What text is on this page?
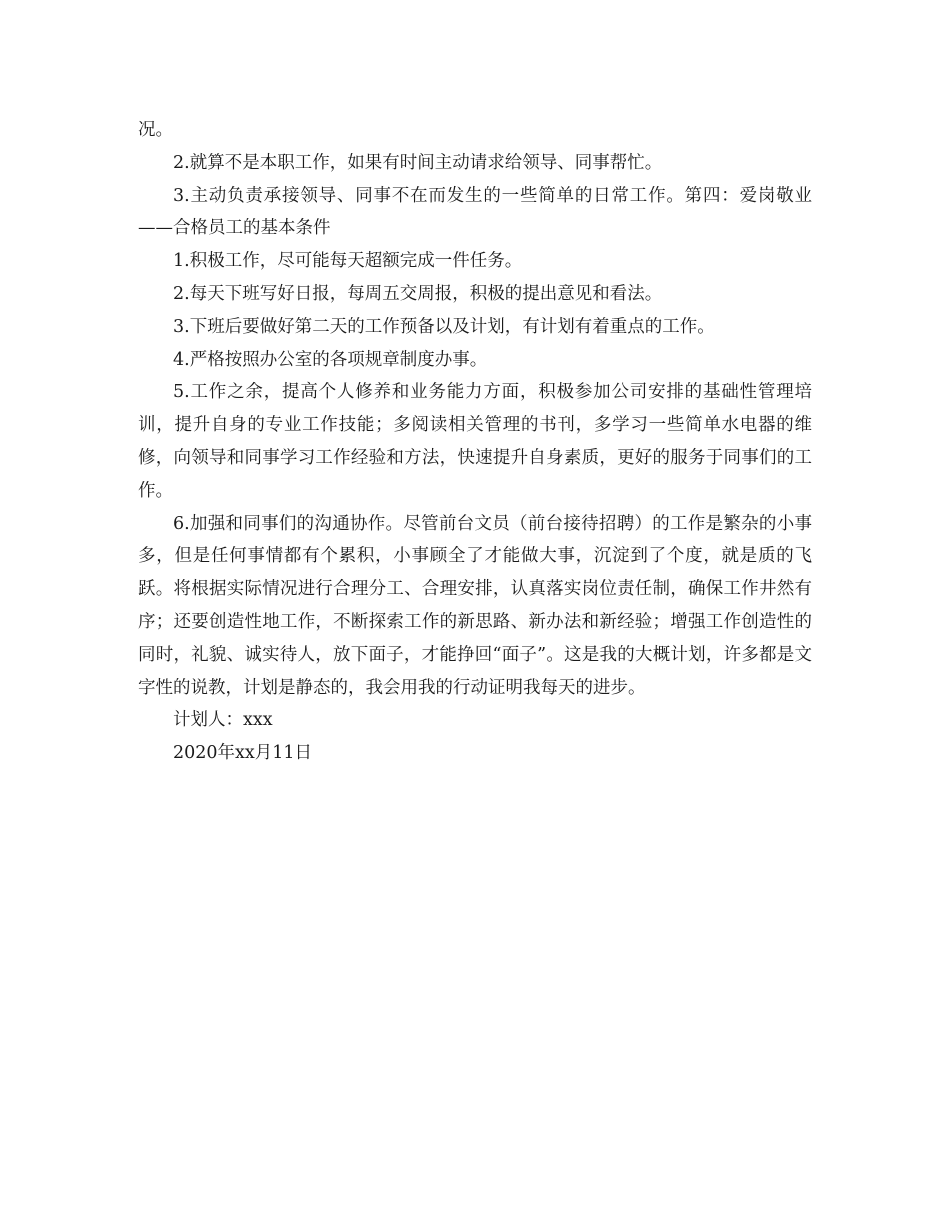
况。

2.就算不是本职工作，如果有时间主动请求给领导、同事帮忙。

3.主动负责承接领导、同事不在而发生的一些简单的日常工作。第四：爱岗敬业——合格员工的基本条件

1.积极工作，尽可能每天超额完成一件任务。

2.每天下班写好日报，每周五交周报，积极的提出意见和看法。

3.下班后要做好第二天的工作预备以及计划，有计划有着重点的工作。

4.严格按照办公室的各项规章制度办事。

5.工作之余，提高个人修养和业务能力方面，积极参加公司安排的基础性管理培训，提升自身的专业工作技能；多阅读相关管理的书刊，多学习一些简单水电器的维修，向领导和同事学习工作经验和方法，快速提升自身素质，更好的服务于同事们的工作。

6.加强和同事们的沟通协作。尽管前台文员（前台接待招聘）的工作是繁杂的小事多，但是任何事情都有个累积，小事顾全了才能做大事，沉淀到了个度，就是质的飞跃。将根据实际情况进行合理分工、合理安排，认真落实岗位责任制，确保工作井然有序；还要创造性地工作，不断探索工作的新思路、新办法和新经验；增强工作创造性的同时，礼貌、诚实待人，放下面子，才能挣回“面子”。这是我的大概计划，许多都是文字性的说教，计划是静态的，我会用我的行动证明我每天的进步。

计划人：xxx

2020年xx月11日
